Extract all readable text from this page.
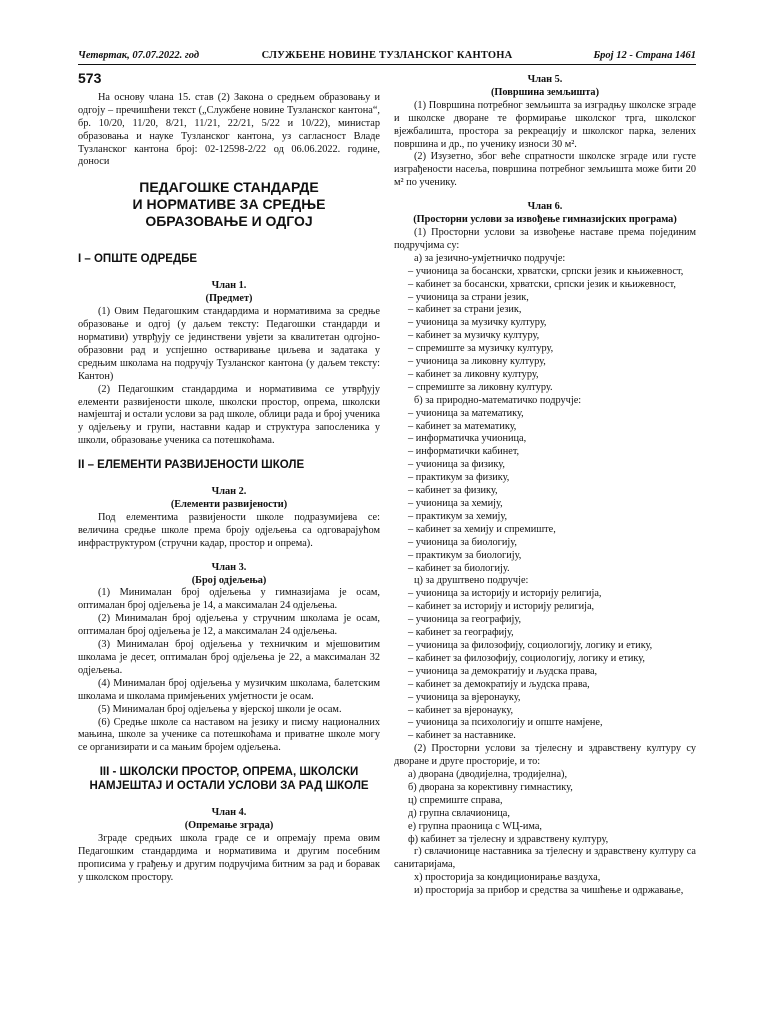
Четвртак, 07.07.2022. год	СЛУЖБЕНЕ НОВИНЕ ТУЗЛАНСКОГ КАНТОНА	Број 12 - Страна 1461
573

На основу члана 15. став (2) Закона о средњем образовању и одгоју – пречишћени текст („Службене новине Тузланског кантона“, бр. 10/20, 11/20, 8/21, 11/21, 22/21, 5/22 и 10/22), министар образовања и науке Тузланског кантона, уз сагласност Владе Тузланског кантона број: 02-12598-2/22 од 06.06.2022. године, доноси

ПЕДАГОШКЕ СТАНДАРДЕ
И НОРМАТИВЕ ЗА СРЕДЊЕ
ОБРАЗОВАЊЕ И ОДГОЈ
I – ОПШТЕ ОДРЕДБЕ
Члан 1.
(Предмет)

(1) Овим Педагошким стандардима и нормативима за средње образовање и одгој (у даљем тексту: Педагошки стандарди и нормативи) утврђују се јединствени увјети за квалитетан одгојно-образовни рад и успјешно остваривање циљева и задатака у средњим школама на подручју Тузланског кантона (у даљем тексту: Кантон)

(2) Педагошким стандардима и нормативима се утврђују елементи развијености школе, школски простор, опрема, школски намјештај и остали услови за рад школе, облици рада и број ученика у одјељењу и групи, наставни кадар и структура запосленика у школи, образовање ученика са потешкоћама.

II – ЕЛЕМЕНТИ РАЗВИЈЕНОСТИ ШКОЛЕ
Члан 2.
(Елементи развијености)

Под елементима развијености школе подразумијева се: величина средње школе према броју одјељења са одговарајућом инфраструктуром (стручни кадар, простор и опрема).

Члан 3.
(Број одјељења)

(1) Минималан број одјељења у гимназијама је осам, оптималан број одјељења је 14, а максималан 24 одјељења.

(2) Минималан број одјељења у стручним школама је осам, оптималан број одјељења је 12, а максималан 24 одјељења.

(3) Минималан број одјељења у техничким и мјешовитим школама је десет, оптималан број одјељења је 22, а максималан 32 одјељења.

(4) Минималан број одјељења у музичким школама, балетским школама и школама примјењених умјетности је осам.

(5) Минималан број одјељења у вјерској школи је осам.

(6) Средње школе са наставом на језику и писму националних мањина, школе за ученике са потешкоћама и приватне школе могу се организирати и са мањим бројем одјељења.

III - ШКОЛСКИ ПРОСТОР, ОПРЕМА, ШКОЛСКИ НАМЈЕШТАЈ И ОСТАЛИ УСЛОВИ ЗА РАД ШКОЛЕ
Члан 4.
(Опремање зграда)

Зграде средњих школа граде се и опремају према овим Педагошким стандардима и нормативима и другим посебним прописима у грађењу и другим подручјима битним за рад и боравак у школском простору.

Члан 5.
(Површина земљишта)

(1) Површина потребног земљишта за изградњу школске зграде и школске дворане те формирање школског трга, школског вјежбалишта, простора за рекреацију и школског парка, зелених површина и др., по ученику износи 30 м².

(2) Изузетно, због веће спратности школске зграде или густе изграђености насеља, површина потребног земљишта може бити 20 м² по ученику.

Члан 6.
(Просторни услови за извођење гимназијских програма)

(1) Просторни услови за извођење наставе према појединим подручјима су:

а) за језично-умјетничко подручје:

– учионица за босански, хрватски, српски језик и књижевност,

– кабинет за босански, хрватски, српски језик и књижевност,

– учионица за страни језик,

– кабинет за страни језик,

– учионица за музичку културу,

– кабинет за музичку културу,

– спремиште за музичку културу,

– учионица за ликовну културу,

– кабинет за ликовну културу,

– спремиште за ликовну културу.

б) за природно-математичко подручје:

– учионица за математику,

– кабинет за математику,

– информатичка учионица,

– информатички кабинет,

– учионица за физику,

– практикум за физику,

– кабинет за физику,

– учионица за хемију,

– практикум за хемију,

– кабинет за хемију и спремиште,

– учионица за биологију,

– практикум за биологију,

– кабинет за биологију.

ц) за друштвено подручје:

– учионица за историју и историју религија,

– кабинет за историју и историју религија,

– учионица за географију,

– кабинет за географију,

– учионица за филозофију, социологију, логику и етику,

– кабинет за филозофију, социологију, логику и етику,

– учионица за демократију и људска права,

– кабинет за демократију и људска права,

– учионица за вјеронауку,

– кабинет за вјеронауку,

– учионица за психологију и опште намјене,

– кабинет за наставнике.

(2) Просторни услови за тјелесну и здравствену културу су дворане и друге просторије, и то:

а) дворана (дводијелна, тродијелна),

б) дворана за корективну гимнастику,

ц) спремиште справа,

д) групна свлачионица,

е) групна праоница с WЦ-има,

ф) кабинет за тјелесну и здравствену културу,

г) свлачионице наставника за тјелесну и здравствену културу са санитаријама,

х) просторија за кондиционирање ваздуха,

и) просторија за прибор и средства за чишћење и одржавање,
